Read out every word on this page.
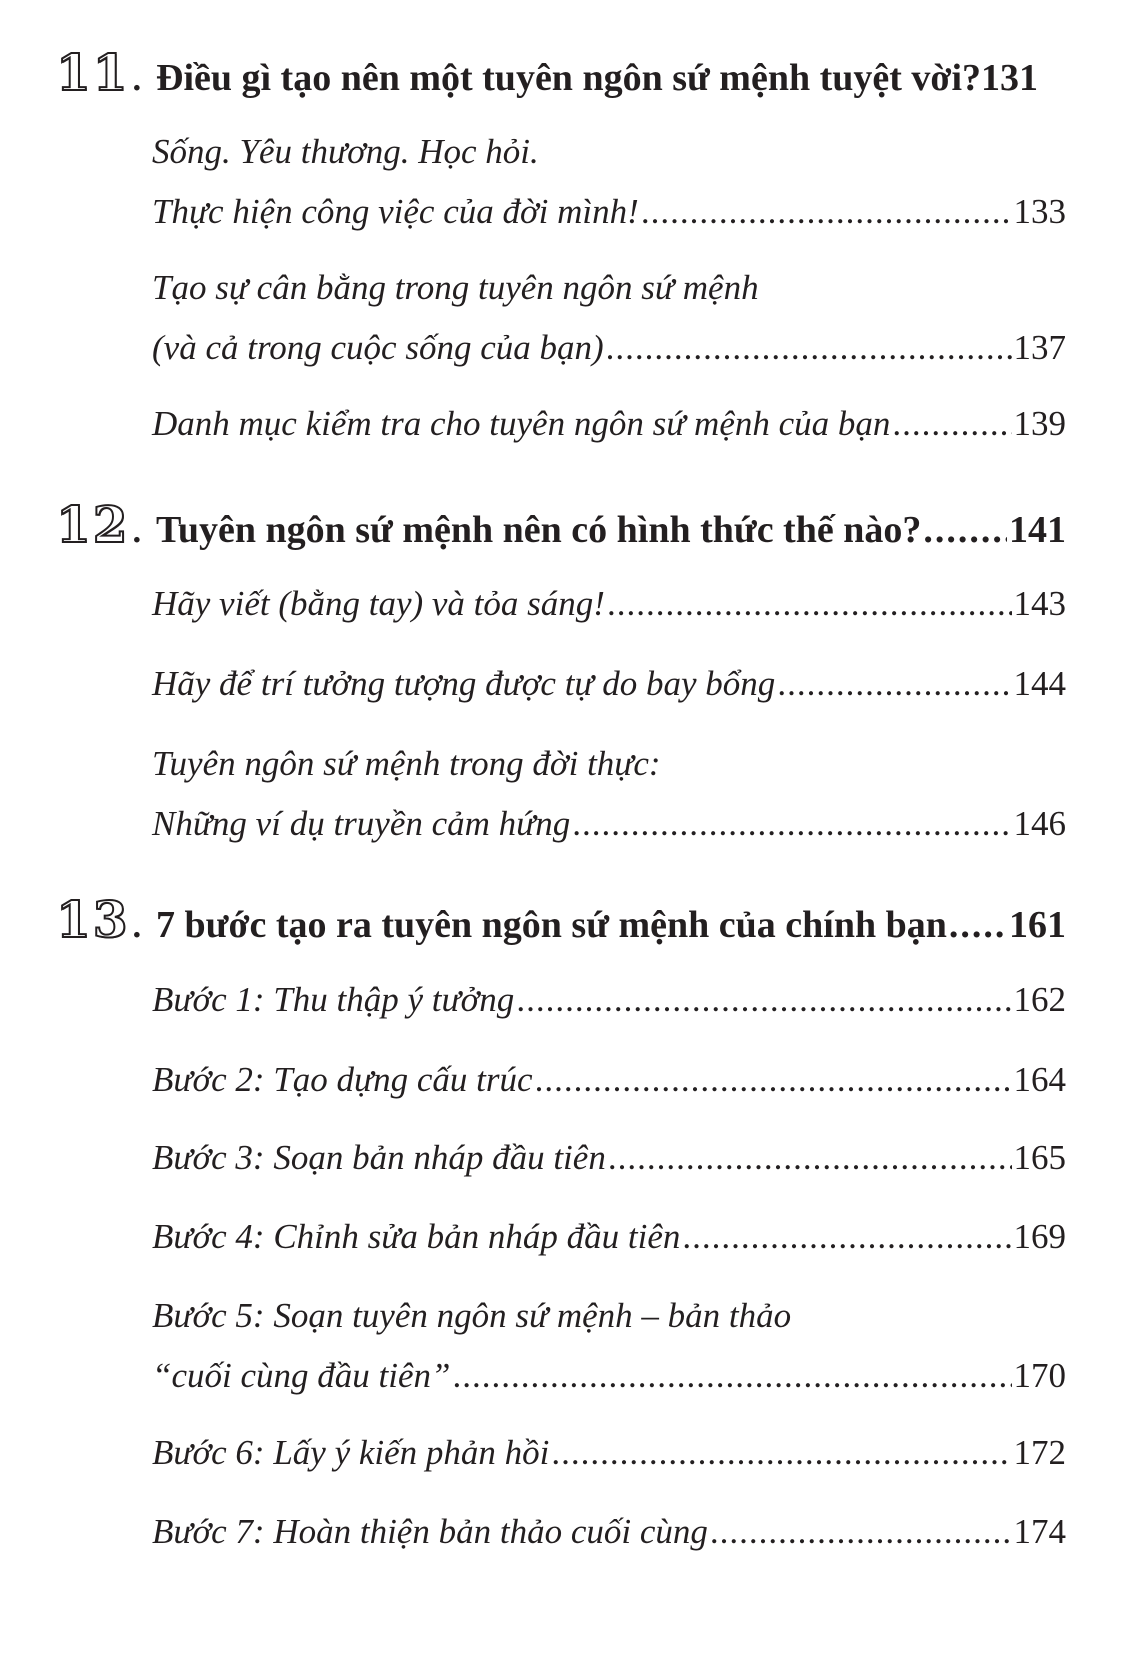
11. Điều gì tạo nên một tuyên ngôn sứ mệnh tuyệt vời? 131
Sống. Yêu thương. Học hỏi.
Thực hiện công việc của đời mình! .....	133
Tạo sự cân bằng trong tuyên ngôn sứ mệnh
(và cả trong cuộc sống của bạn) .....	137
Danh mục kiểm tra cho tuyên ngôn sứ mệnh của bạn .....	139
12. Tuyên ngôn sứ mệnh nên có hình thức thế nào? ..... 141
Hãy viết (bằng tay) và tỏa sáng! .....	143
Hãy để trí tưởng tượng được tự do bay bổng .....	144
Tuyên ngôn sứ mệnh trong đời thực:
Những ví dụ truyền cảm hứng .....	146
13. 7 bước tạo ra tuyên ngôn sứ mệnh của chính bạn ..... 161
Bước 1: Thu thập ý tưởng .....	162
Bước 2: Tạo dựng cấu trúc .....	164
Bước 3: Soạn bản nháp đầu tiên .....	165
Bước 4: Chỉnh sửa bản nháp đầu tiên .....	169
Bước 5: Soạn tuyên ngôn sứ mệnh – bản thảo
“cuối cùng đầu tiên” .....	170
Bước 6: Lấy ý kiến phản hồi .....	172
Bước 7: Hoàn thiện bản thảo cuối cùng .....	174
